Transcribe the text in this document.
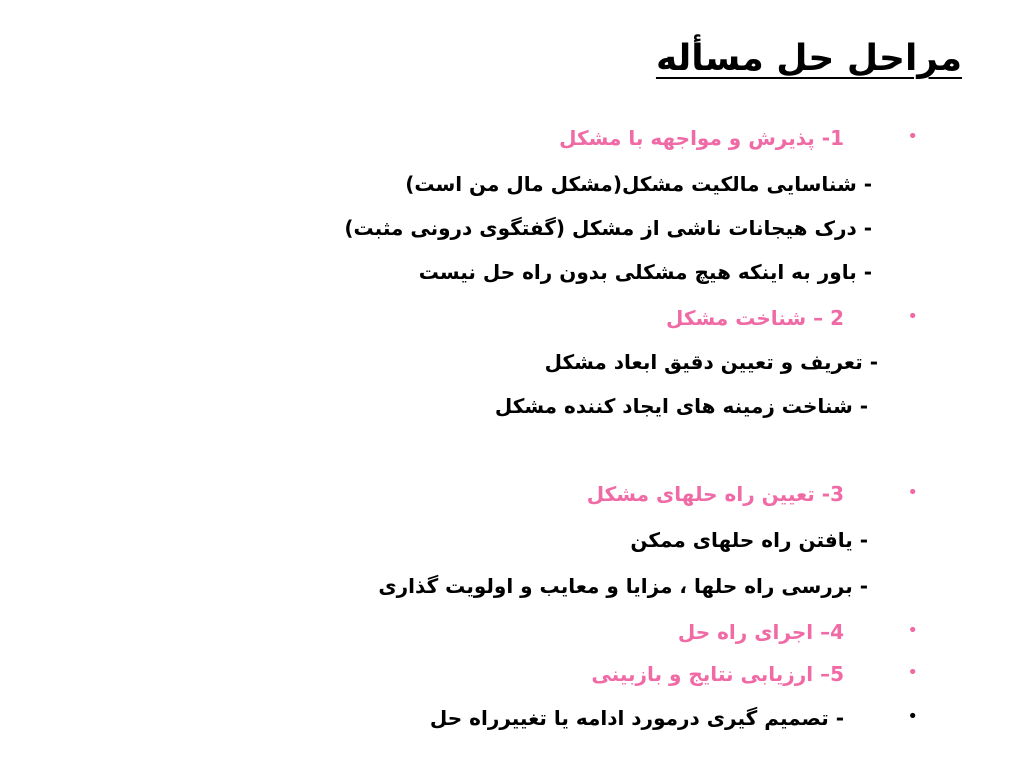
مراحل حل مسأله
•
1- پذیرش و مواجهه با مشکل
- شناسایی مالکیت مشکل(مشکل مال من است)
- درک هیجانات ناشی از مشکل (گفتگوی درونی مثبت)
- باور به اینکه هیچ مشکلی بدون راه حل نیست
•
2 – شناخت مشکل
- تعریف و تعیین دقیق ابعاد مشکل
- شناخت زمینه های ایجاد کننده مشکل
•
3- تعیین راه حلهای مشکل
- یافتن راه حلهای ممکن
- بررسی راه حلها ، مزایا و معایب و اولویت گذاری
•
4– اجرای راه حل
•
5– ارزیابی نتایج و بازبینی
•
- تصمیم گیری درمورد ادامه یا تغییرراه حل
